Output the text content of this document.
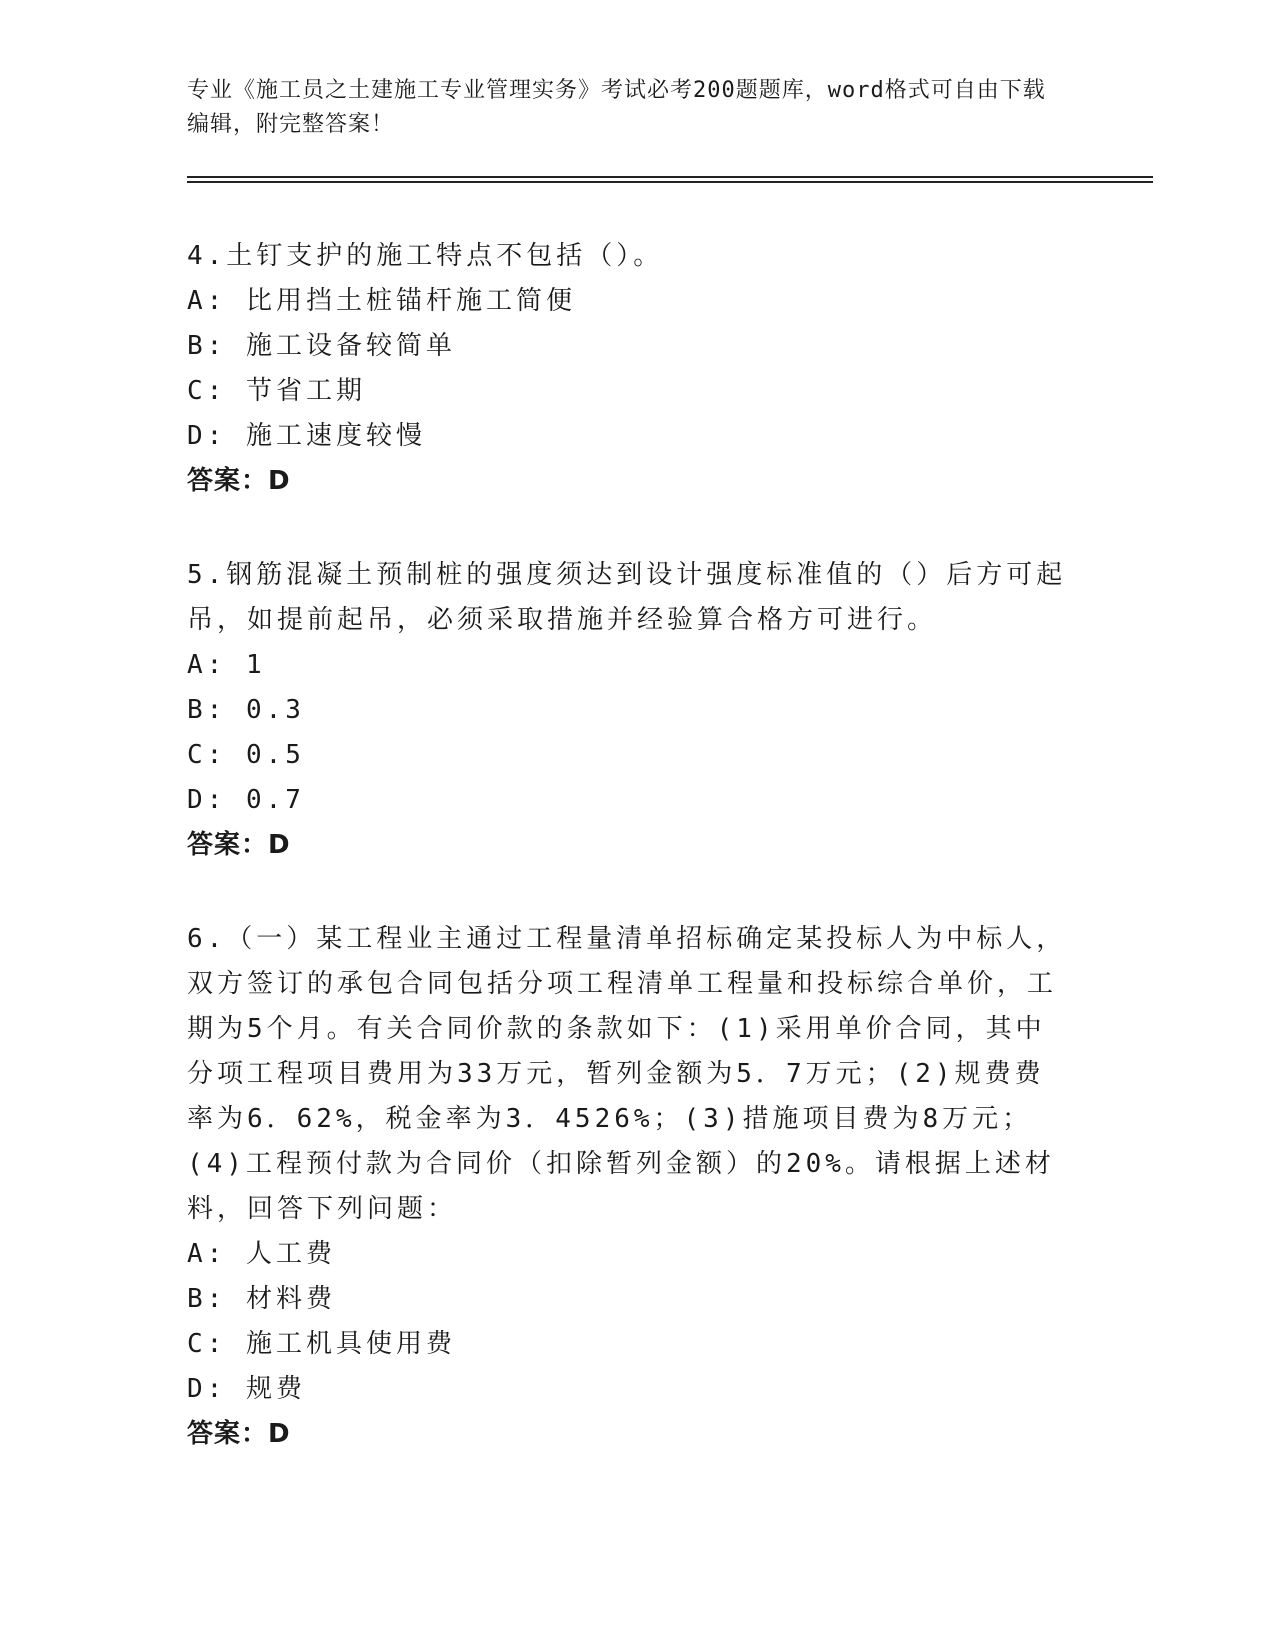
专业《施工员之土建施工专业管理实务》考试必考200题题库，word格式可自由下载编辑，附完整答案！
4.土钉支护的施工特点不包括（）。
A: 比用挡土桩锚杆施工简便
B: 施工设备较简单
C: 节省工期
D: 施工速度较慢
答案：D
5.钢筋混凝土预制桩的强度须达到设计强度标准值的（）后方可起吊，如提前起吊，必须采取措施并经验算合格方可进行。
A: 1
B: 0.3
C: 0.5
D: 0.7
答案：D
6.（一）某工程业主通过工程量清单招标确定某投标人为中标人，双方签订的承包合同包括分项工程清单工程量和投标综合单价，工期为5个月。有关合同价款的条款如下：(1)采用单价合同，其中分项工程项目费用为33万元，暂列金额为5．7万元；(2)规费费率为6．62%，税金率为3．4526%；(3)措施项目费为8万元；(4)工程预付款为合同价（扣除暂列金额）的20%。请根据上述材料，回答下列问题：
A: 人工费
B: 材料费
C: 施工机具使用费
D: 规费
答案：D
